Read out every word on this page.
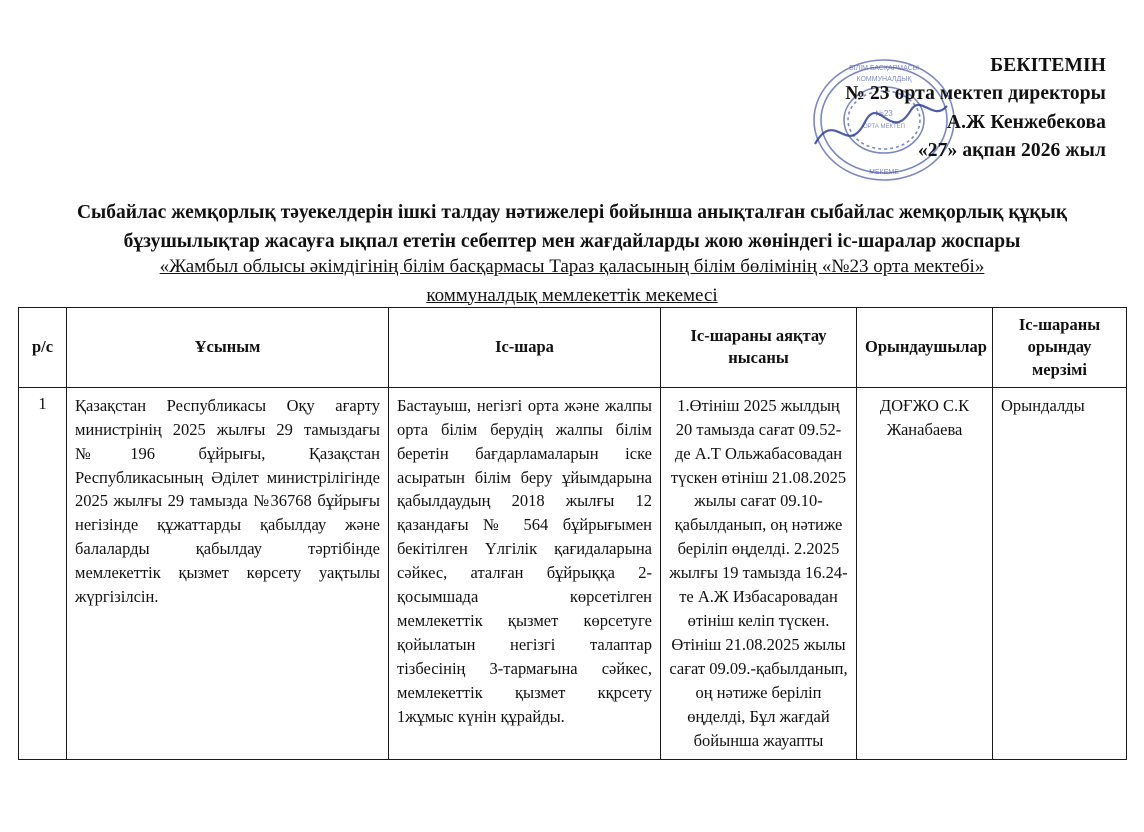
БІЛІМ БАСҚАРМАСЫ
КОММУНАЛДЫҚ
МЕКЕМЕ
№23
ОРТА МЕКТЕП
БЕКІТЕМІН
№ 23 орта мектеп директоры
А.Ж Кенжебекова
«27» ақпан 2026 жыл
Сыбайлас жемқорлық тәуекелдерін ішкі талдау нәтижелері бойынша анықталған сыбайлас жемқорлық құқық бұзушылықтар жасауға ықпал ететін себептер мен жағдайларды жою жөніндегі іс-шаралар жоспары
«Жамбыл облысы әкімдігінің білім басқармасы Тараз қаласының білім бөлімінің «№23 орта мектебі»
коммуналдық мемлекеттік мекемесі
р/с	Ұсыным	Іс-шара	Іс-шараны аяқтау нысаны	Орындаушылар	Іс-шараны орындау мерзімі
1	Қазақстан Республикасы Оқу ағарту министрінің 2025 жылғы 29 тамыздағы №196 бұйрығы, Қазақстан Республикасының Әділет министрілігінде 2025 жылғы 29 тамызда №36768 бұйрығы негізінде құжаттарды қабылдау және балаларды қабылдау тәртібінде мемлекеттік қызмет көрсету уақтылы жүргізілсін.	Бастауыш, негізгі орта және жалпы орта білім берудің жалпы білім беретін бағдарламаларын іске асыратын білім беру ұйымдарына қабылдаудың 2018 жылғы 12 қазандағы № 564 бұйрығымен бекітілген Үлгілік қағидаларына сәйкес, аталған бұйрыққа 2- қосымшада көрсетілген мемлекеттік қызмет көрсетуге қойылатын негізгі талаптар тізбесінің 3-тармағына сәйкес, мемлекеттік қызмет кқрсету 1жұмыс күнін құрайды.	1.Өтініш 2025 жылдың 20 тамызда сағат 09.52-де А.Т Ольжабасовадан түскен өтініш 21.08.2025 жылы сағат 09.10-қабылданып, оң нәтиже беріліп өңделді. 2.2025 жылғы 19 тамызда 16.24-те А.Ж Избасаровадан өтініш келіп түскен. Өтініш 21.08.2025 жылы сағат 09.09.-қабылданып, оң нәтиже беріліп өңделді, Бұл жағдай бойынша жауапты	ДОҒЖО С.К Жанабаева	Орындалды
